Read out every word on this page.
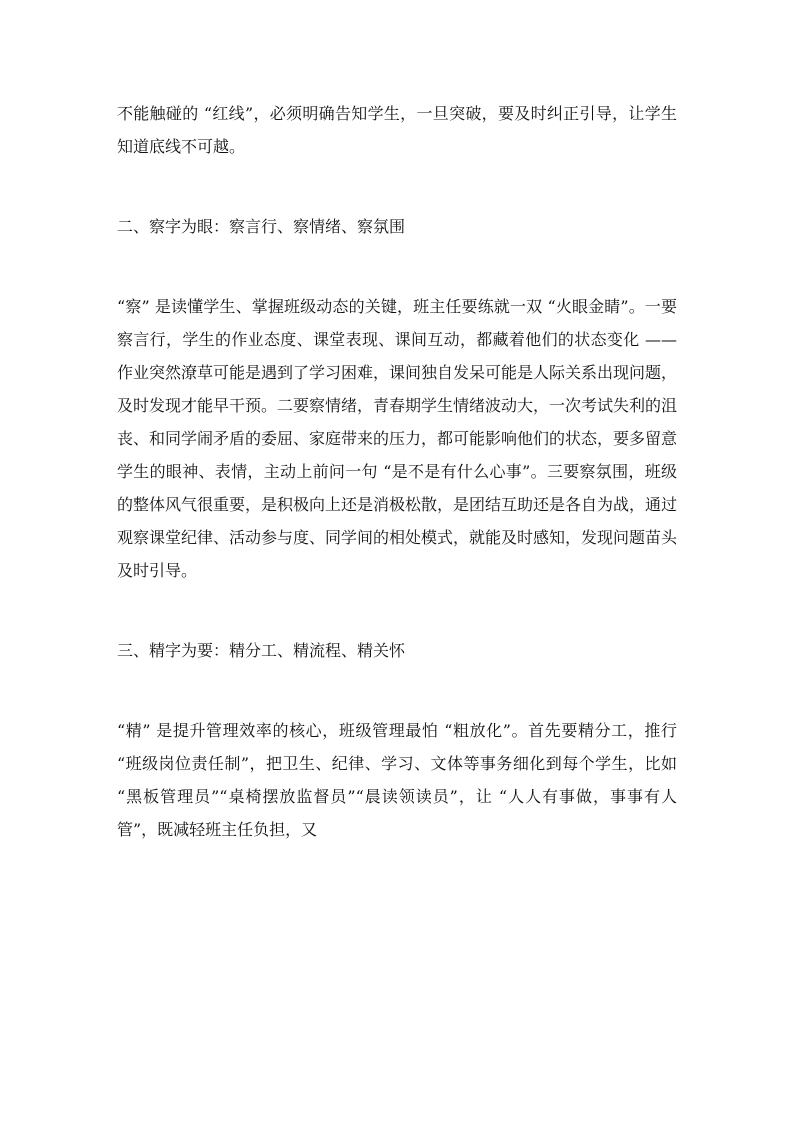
不能触碰的 “红线”，必须明确告知学生，一旦突破，要及时纠正引导，让学生知道底线不可越。

二、察字为眼：察言行、察情绪、察氛围

“察” 是读懂学生、掌握班级动态的关键，班主任要练就一双 “火眼金睛”。一要察言行，学生的作业态度、课堂表现、课间互动，都藏着他们的状态变化 —— 作业突然潦草可能是遇到了学习困难，课间独自发呆可能是人际关系出现问题，及时发现才能早干预。二要察情绪，青春期学生情绪波动大，一次考试失利的沮丧、和同学闹矛盾的委屈、家庭带来的压力，都可能影响他们的状态，要多留意学生的眼神、表情，主动上前问一句 “是不是有什么心事”。三要察氛围，班级的整体风气很重要，是积极向上还是消极松散，是团结互助还是各自为战，通过观察课堂纪律、活动参与度、同学间的相处模式，就能及时感知，发现问题苗头及时引导。

三、精字为要：精分工、精流程、精关怀

“精” 是提升管理效率的核心，班级管理最怕 “粗放化”。首先要精分工，推行 “班级岗位责任制”，把卫生、纪律、学习、文体等事务细化到每个学生，比如 “黑板管理员”“桌椅摆放监督员”“晨读领读员”，让 “人人有事做，事事有人管”，既减轻班主任负担，又
